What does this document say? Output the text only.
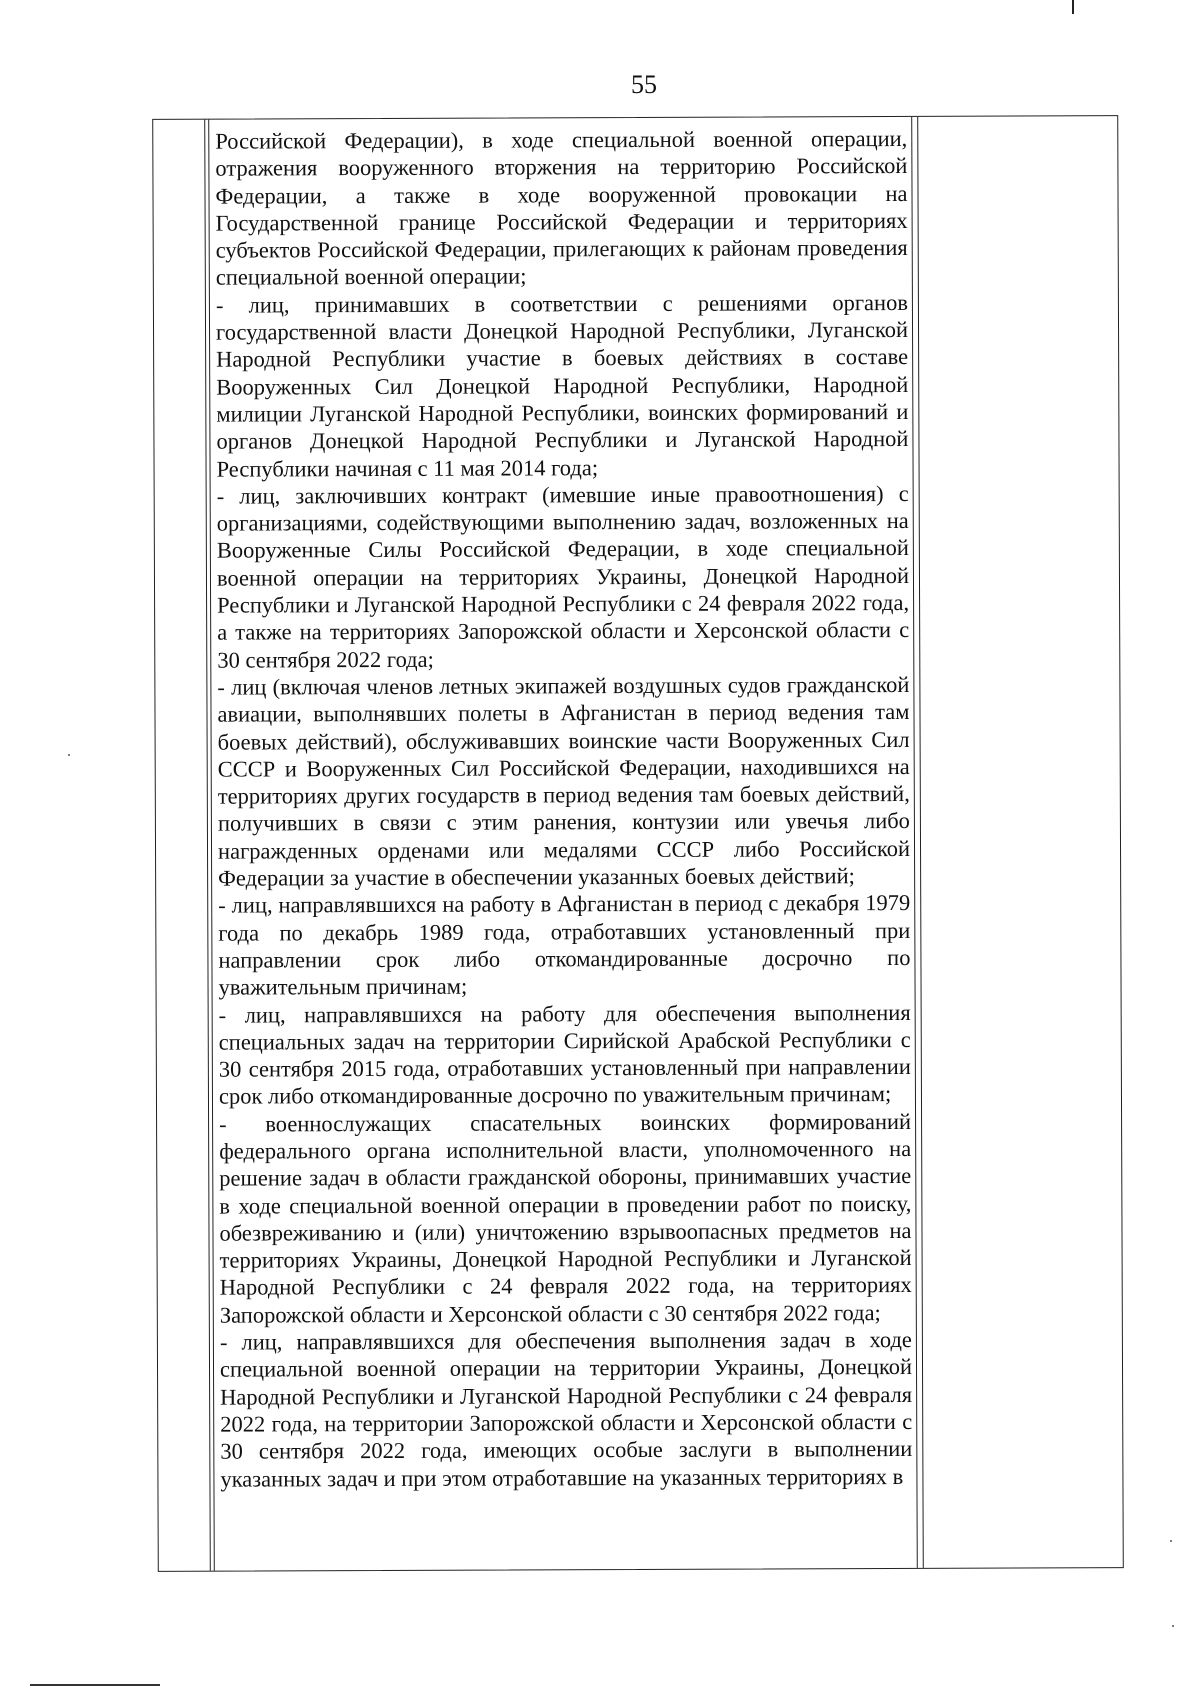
55

Российской Федерации), в ходе специальной военной операции, отражения вооруженного вторжения на территорию Российской Федерации, а также в ходе вооруженной провокации на Государственной границе Российской Федерации и территориях субъектов Российской Федерации, прилегающих к районам проведения специальной военной операции;

- лиц, принимавших в соответствии с решениями органов государственной власти Донецкой Народной Республики, Луганской Народной Республики участие в боевых действиях в составе Вооруженных Сил Донецкой Народной Республики, Народной милиции Луганской Народной Республики, воинских формирований и органов Донецкой Народной Республики и Луганской Народной Республики начиная с 11 мая 2014 года;

- лиц, заключивших контракт (имевшие иные правоотношения) с организациями, содействующими выполнению задач, возложенных на Вооруженные Силы Российской Федерации, в ходе специальной военной операции на территориях Украины, Донецкой Народной Республики и Луганской Народной Республики с 24 февраля 2022 года, а также на территориях Запорожской области и Херсонской области с 30 сентября 2022 года;

- лиц (включая членов летных экипажей воздушных судов гражданской авиации, выполнявших полеты в Афганистан в период ведения там боевых действий), обслуживавших воинские части Вооруженных Сил СССР и Вооруженных Сил Российской Федерации, находившихся на территориях других государств в период ведения там боевых действий, получивших в связи с этим ранения, контузии или увечья либо награжденных орденами или медалями СССР либо Российской Федерации за участие в обеспечении указанных боевых действий;

- лиц, направлявшихся на работу в Афганистан в период с декабря 1979 года по декабрь 1989 года, отработавших установленный при направлении срок либо откомандированные досрочно по уважительным причинам;

- лиц, направлявшихся на работу для обеспечения выполнения специальных задач на территории Сирийской Арабской Республики с 30 сентября 2015 года, отработавших установленный при направлении срок либо откомандированные досрочно по уважительным причинам;

- военнослужащих спасательных воинских формирований федерального органа исполнительной власти, уполномоченного на решение задач в области гражданской обороны, принимавших участие в ходе специальной военной операции в проведении работ по поиску, обезвреживанию и (или) уничтожению взрывоопасных предметов на территориях Украины, Донецкой Народной Республики и Луганской Народной Республики с 24 февраля 2022 года, на территориях Запорожской области и Херсонской области с 30 сентября 2022 года;

- лиц, направлявшихся для обеспечения выполнения задач в ходе специальной военной операции на территории Украины, Донецкой Народной Республики и Луганской Народной Республики с 24 февраля 2022 года, на территории Запорожской области и Херсонской области с 30 сентября 2022 года, имеющих особые заслуги в выполнении указанных задач и при этом отработавшие на указанных территориях в
